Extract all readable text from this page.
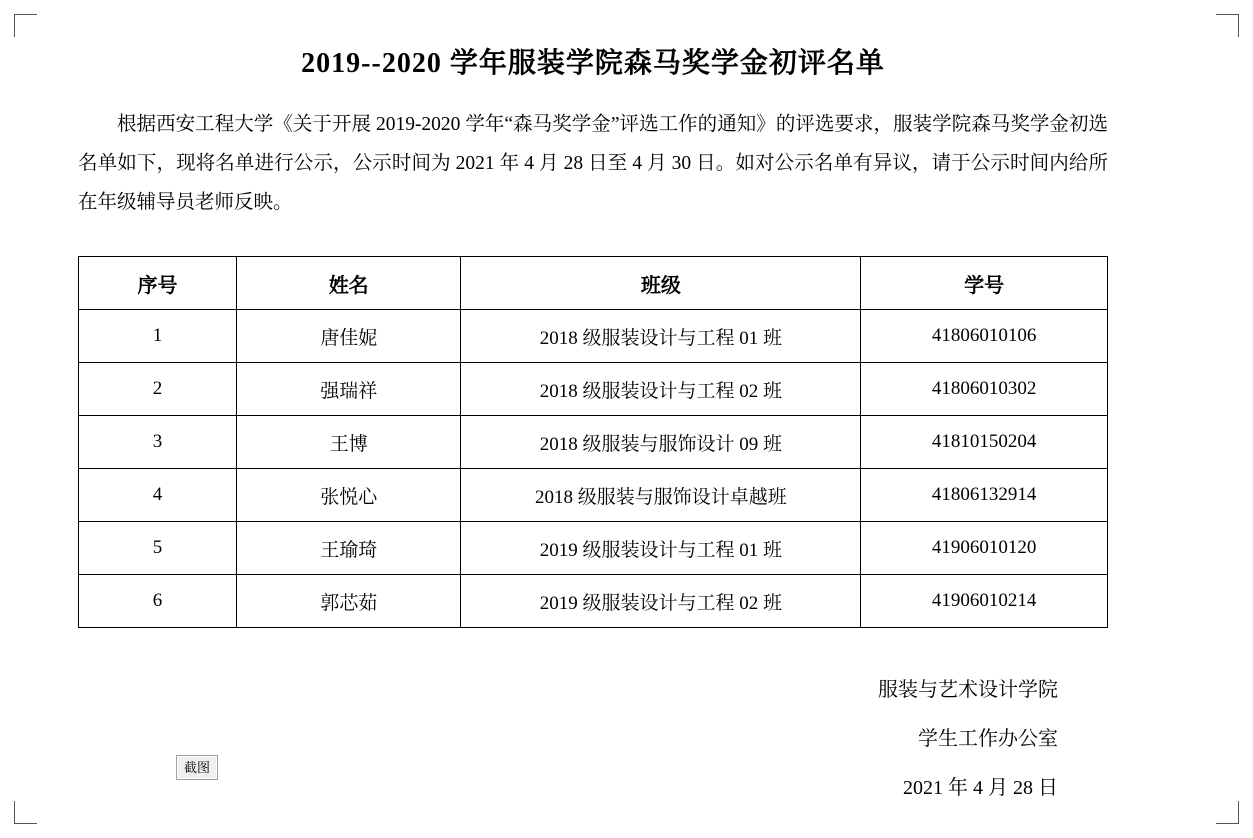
2019--2020 学年服装学院森马奖学金初评名单

根据西安工程大学《关于开展 2019-2020 学年“森马奖学金”评选工作的通知》的评选要求，服装学院森马奖学金初选名单如下，现将名单进行公示，公示时间为 2021 年 4 月 28 日至 4 月 30 日。如对公示名单有异议，请于公示时间内给所在年级辅导员老师反映。

序号	姓名	班级	学号
1	唐佳妮	2018 级服装设计与工程 01 班	41806010106
2	强瑞祥	2018 级服装设计与工程 02 班	41806010302
3	王博	2018 级服装与服饰设计 09 班	41810150204
4	张悦心	2018 级服装与服饰设计卓越班	41806132914
5	王瑜琦	2019 级服装设计与工程 01 班	41906010120
6	郭芯茹	2019 级服装设计与工程 02 班	41906010214
服装与艺术设计学院
学生工作办公室
2021 年 4 月 28 日
截图
